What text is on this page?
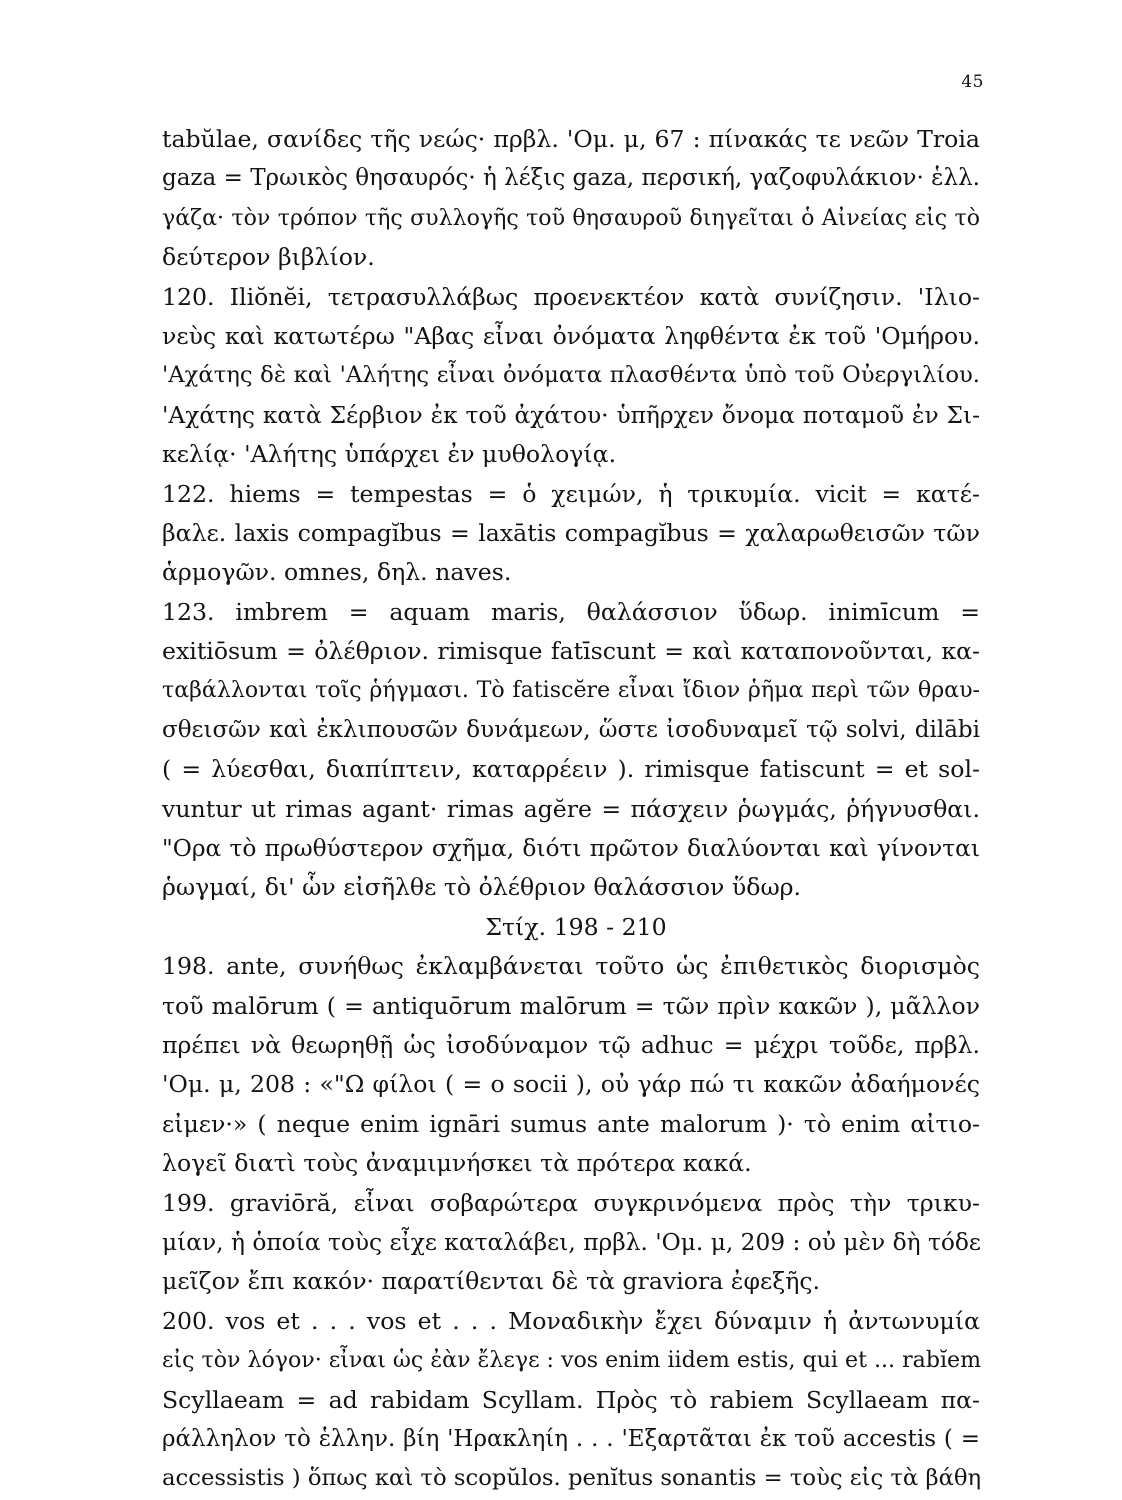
45
tabŭlae, σανίδες τῆς νεώς· πρβλ. 'Ομ. μ, 67 : πίνακάς τε νεῶν Troia
gaza = Τρωικὸς θησαυρός· ἡ λέξις gaza, περσική, γαζοφυλάκιον· ἑλλ.
γάζα· τὸν τρόπον τῆς συλλογῆς τοῦ θησαυροῦ διηγεῖται ὁ Αἰνείας εἰς τὸ
δεύτερον βιβλίον.
120. Iliŏnĕi, τετρασυλλάβως προενεκτέον κατὰ συνίζησιν. 'Ιλιο-
νεὺς καὶ κατωτέρω "Αβας εἶναι ὀνόματα ληφθέντα ἐκ τοῦ 'Ομήρου.
'Αχάτης δὲ καὶ 'Αλήτης εἶναι ὀνόματα πλασθέντα ὑπὸ τοῦ Οὐεργιλίου.
'Αχάτης κατὰ Σέρβιον ἐκ τοῦ ἀχάτου· ὑπῆρχεν ὄνομα ποταμοῦ ἐν Σι-
κελίᾳ· 'Αλήτης ὑπάρχει ἐν μυθολογίᾳ.
122. hiems = tempestas = ὁ χειμών, ἡ τρικυμία. vicit = κατέ-
βαλε. laxis compagĭbus = laxātis compagĭbus = χαλαρωθεισῶν τῶν
ἁρμογῶν. omnes, δηλ. naves.
123. imbrem = aquam maris, θαλάσσιον ὕδωρ. inimīcum =
exitiōsum = ὀλέθριον. rimisque fatīscunt = καὶ καταπονοῦνται, κα-
ταβάλλονται τοῖς ῥήγμασι. Τὸ fatiscĕre εἶναι ἴδιον ῥῆμα περὶ τῶν θραυ-
σθεισῶν καὶ ἐκλιπουσῶν δυνάμεων, ὥστε ἰσοδυναμεῖ τῷ solvi, dilābi
( = λύεσθαι, διαπίπτειν, καταρρέειν ). rimisque fatiscunt = et sol-
vuntur ut rimas agant· rimas agĕre = πάσχειν ῥωγμάς, ῥήγνυσθαι.
"Ορα τὸ πρωθύστερον σχῆμα, διότι πρῶτον διαλύονται καὶ γίνονται
ῥωγμαί, δι' ὧν εἰσῆλθε τὸ ὀλέθριον θαλάσσιον ὕδωρ.
Στίχ. 198 - 210
198. ante, συνήθως ἐκλαμβάνεται τοῦτο ὡς ἐπιθετικὸς διορισμὸς
τοῦ malōrum ( = antiquōrum malōrum = τῶν πρὶν κακῶν ), μᾶλλον
πρέπει νὰ θεωρηθῇ ὡς ἰσοδύναμον τῷ adhuc = μέχρι τοῦδε, πρβλ.
'Ομ. μ, 208 : «"Ω φίλοι ( = o socii ), οὐ γάρ πώ τι κακῶν ἀδαήμονές
εἰμεν·» ( neque enim ignāri sumus ante malorum )· τὸ enim αἰτιο-
λογεῖ διατὶ τοὺς ἀναμιμνήσκει τὰ πρότερα κακά.
199. graviōră, εἶναι σοβαρώτερα συγκρινόμενα πρὸς τὴν τρικυ-
μίαν, ἡ ὁποία τοὺς εἶχε καταλάβει, πρβλ. 'Ομ. μ, 209 : οὐ μὲν δὴ τόδε
μεῖζον ἔπι κακόν· παρατίθενται δὲ τὰ graviora ἐφεξῆς.
200. vos et . . . vos et . . . Μοναδικὴν ἔχει δύναμιν ἡ ἀντωνυμία
εἰς τὸν λόγον· εἶναι ὡς ἐὰν ἔλεγε : vos enim iidem estis, qui et ... rabĭem
Scyllaeam = ad rabidam Scyllam. Πρὸς τὸ rabiem Scyllaeam πα-
ράλληλον τὸ ἑλλην. βίη 'Ηρακληίη . . . 'Εξαρτᾶται ἐκ τοῦ accestis ( =
accessistis ) ὅπως καὶ τὸ scopŭlos. penĭtus sonantis = τοὺς εἰς τὰ βάθη
